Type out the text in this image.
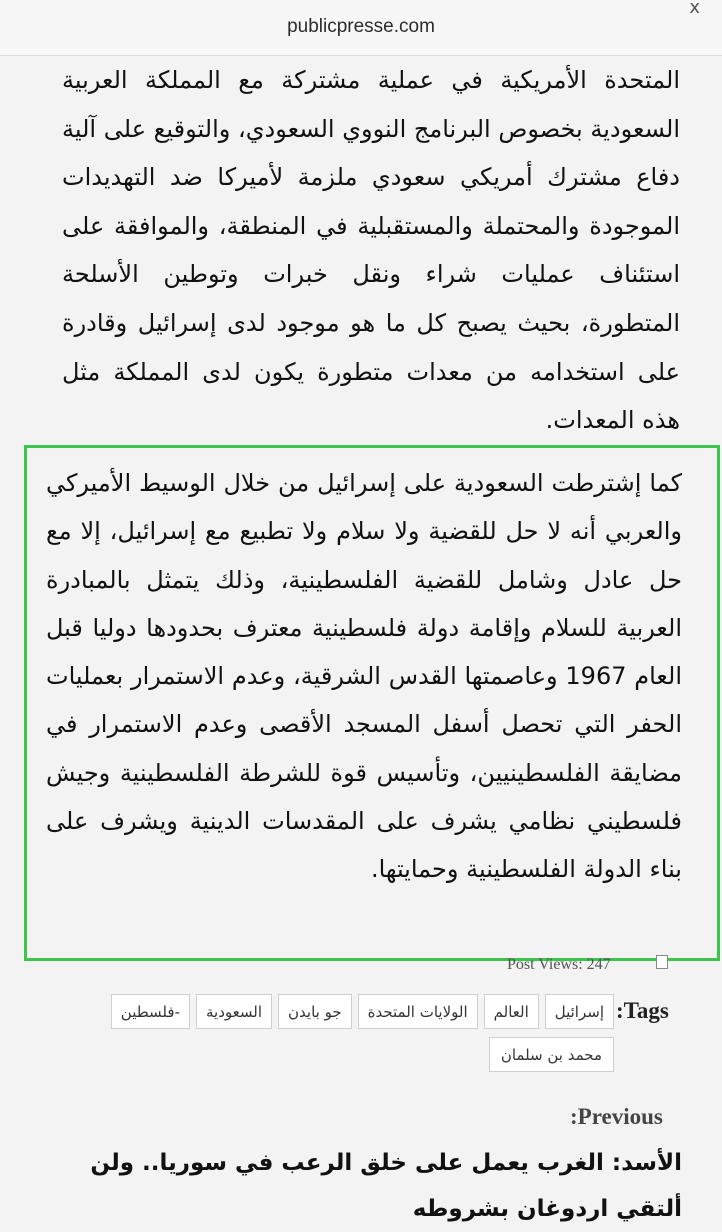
publicpresse.com
x

المتحدة الأمريكية في عملية مشتركة مع المملكة العربية السعودية بخصوص البرنامج النووي السعودي، والتوقيع على آلية دفاع مشترك أمريكي سعودي ملزمة لأميركا ضد التهديدات الموجودة والمحتملة والمستقبلية في المنطقة، والموافقة على استئناف عمليات شراء ونقل خبرات وتوطين الأسلحة المتطورة، بحيث يصبح كل ما هو موجود لدى إسرائيل وقادرة على استخدامه من معدات متطورة يكون لدى المملكة مثل هذه المعدات.

كما إشترطت السعودية على إسرائيل من خلال الوسيط الأميركي والعربي أنه لا حل للقضية ولا سلام ولا تطبيع مع إسرائيل، إلا مع حل عادل وشامل للقضية الفلسطينية، وذلك يتمثل بالمبادرة العربية للسلام وإقامة دولة فلسطينية معترف بحدودها دوليا قبل العام 1967 وعاصمتها القدس الشرقية، وعدم الاستمرار بعمليات الحفر التي تحصل أسفل المسجد الأقصى وعدم الاستمرار في مضايقة الفلسطينيين، وتأسيس قوة للشرطة الفلسطينية وجيش فلسطيني نظامي يشرف على المقدسات الدينية ويشرف على بناء الدولة الفلسطينية وحمايتها.

Post Views: 247
Tags:
إسرائيل
العالم
الولايات المتحدة
جو بايدن
السعودية
-فلسطين
محمد بن سلمان
Previous:
الأسد: الغرب يعمل على خلق الرعب في سوريا.. ولن ألتقي اردوغان بشروطه
